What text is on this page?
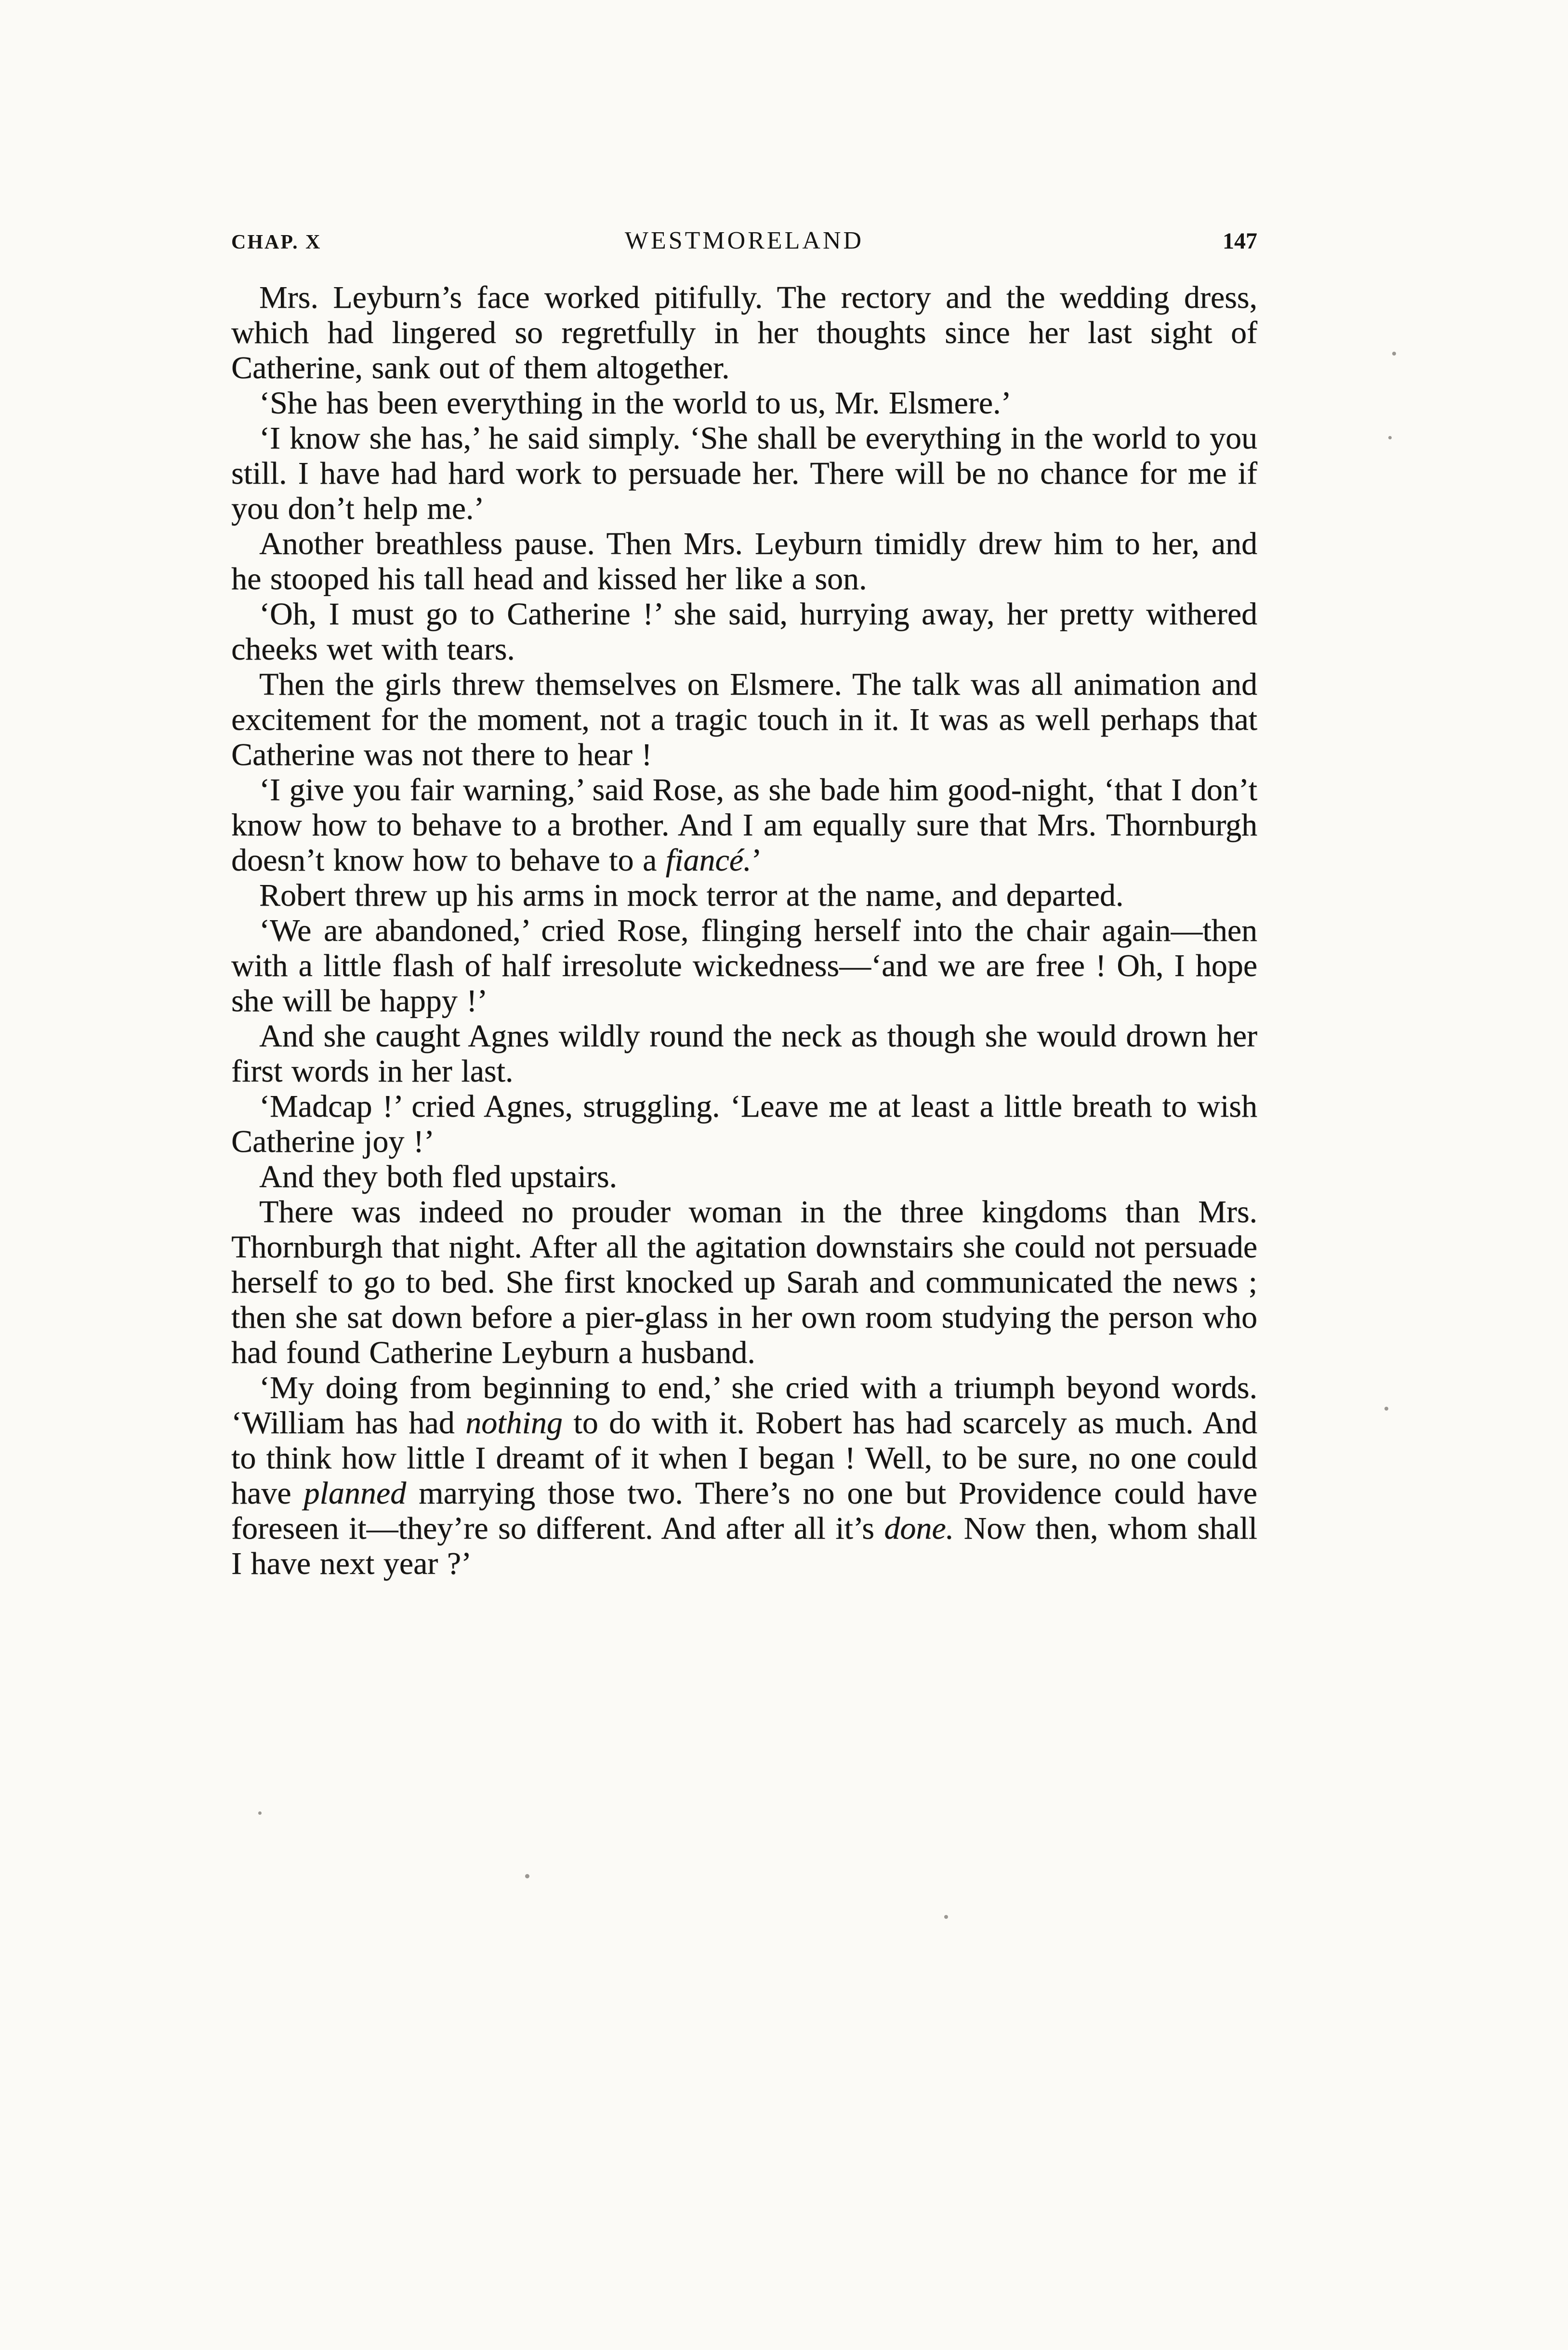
CHAP. X	WESTMORELAND	147

Mrs. Leyburn’s face worked pitifully. The rectory and the wedding dress, which had lingered so regretfully in her thoughts since her last sight of Catherine, sank out of them altogether.

‘She has been everything in the world to us, Mr. Elsmere.’

‘I know she has,’ he said simply. ‘She shall be everything in the world to you still. I have had hard work to persuade her. There will be no chance for me if you don’t help me.’

Another breathless pause. Then Mrs. Leyburn timidly drew him to her, and he stooped his tall head and kissed her like a son.

‘Oh, I must go to Catherine !’ she said, hurrying away, her pretty withered cheeks wet with tears.

Then the girls threw themselves on Elsmere. The talk was all animation and excitement for the moment, not a tragic touch in it. It was as well perhaps that Catherine was not there to hear !

‘I give you fair warning,’ said Rose, as she bade him good-night, ‘that I don’t know how to behave to a brother. And I am equally sure that Mrs. Thornburgh doesn’t know how to behave to a fiancé.’

Robert threw up his arms in mock terror at the name, and departed.

‘We are abandoned,’ cried Rose, flinging herself into the chair again—then with a little flash of half irresolute wickedness—‘and we are free ! Oh, I hope she will be happy !’

And she caught Agnes wildly round the neck as though she would drown her first words in her last.

‘Madcap !’ cried Agnes, struggling. ‘Leave me at least a little breath to wish Catherine joy !’

And they both fled upstairs.

There was indeed no prouder woman in the three kingdoms than Mrs. Thornburgh that night. After all the agitation downstairs she could not persuade herself to go to bed. She first knocked up Sarah and communicated the news ; then she sat down before a pier-glass in her own room studying the person who had found Catherine Leyburn a husband.

‘My doing from beginning to end,’ she cried with a triumph beyond words. ‘William has had nothing to do with it. Robert has had scarcely as much. And to think how little I dreamt of it when I began ! Well, to be sure, no one could have planned marrying those two. There’s no one but Providence could have foreseen it—they’re so different. And after all it’s done. Now then, whom shall I have next year ?’
